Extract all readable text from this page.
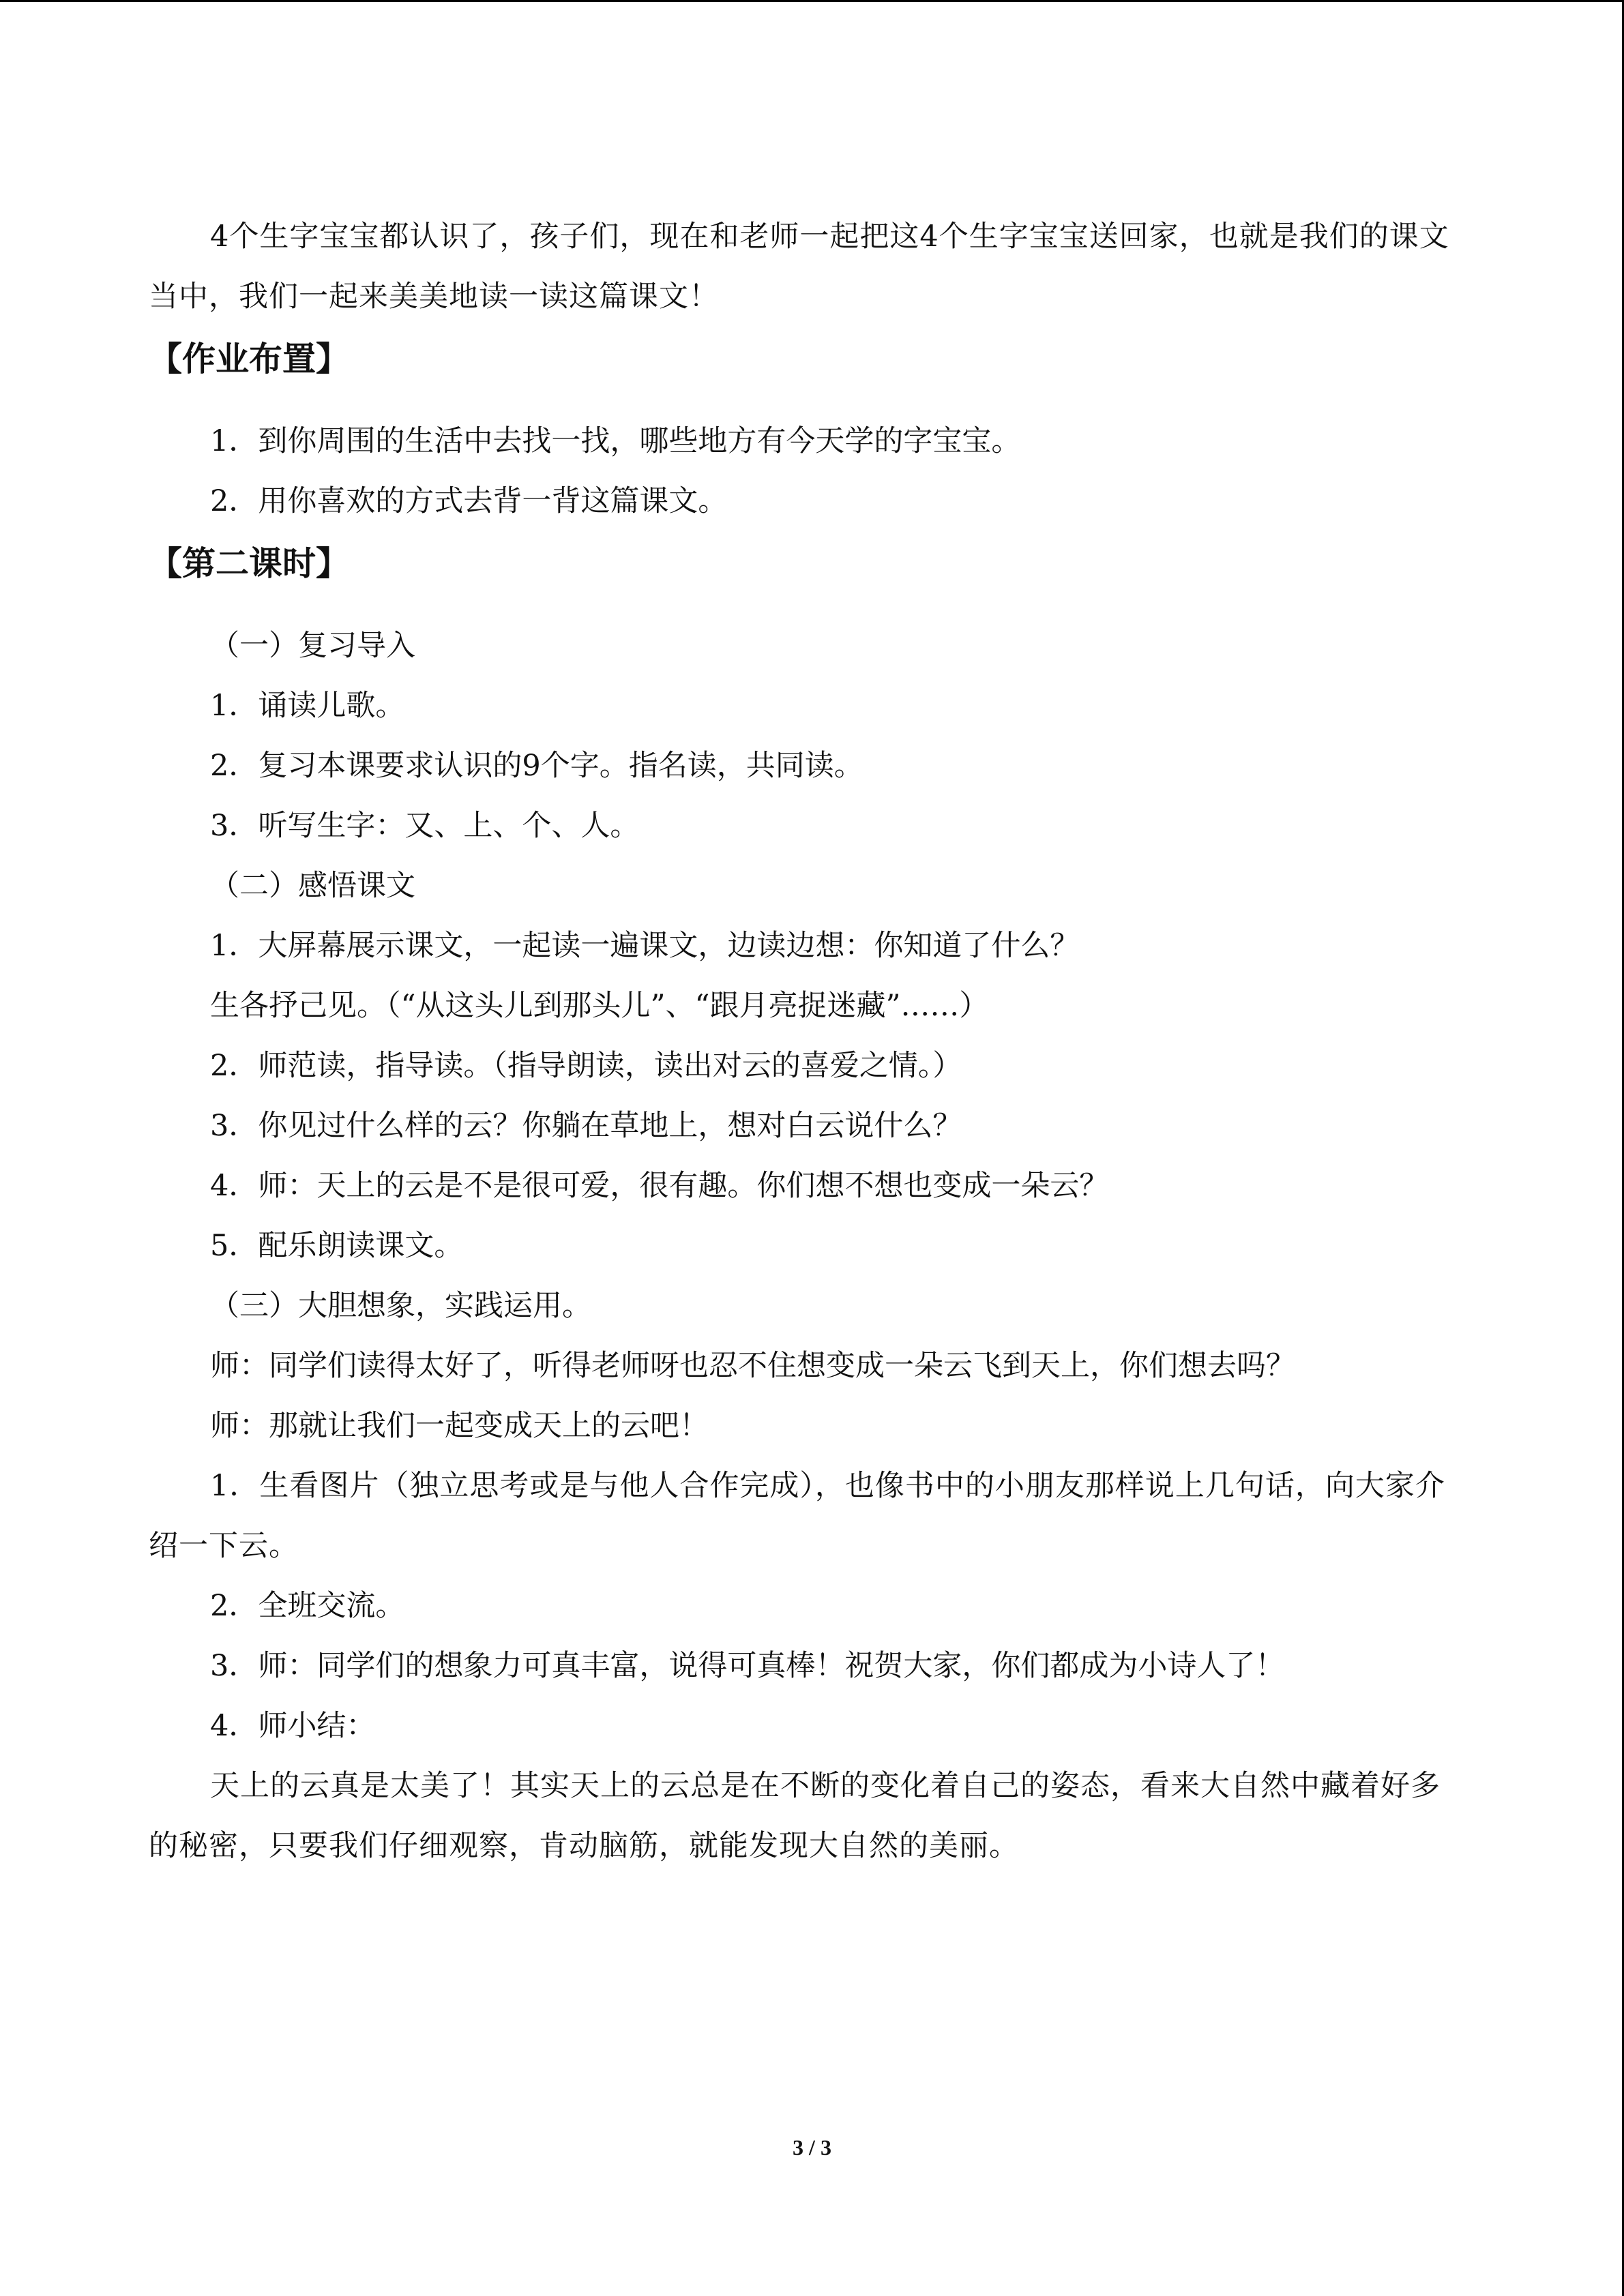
4个生字宝宝都认识了，孩子们，现在和老师一起把这4个生字宝宝送回家，也就是我们的课文当中，我们一起来美美地读一读这篇课文！

【作业布置】

1．到你周围的生活中去找一找，哪些地方有今天学的字宝宝。

2．用你喜欢的方式去背一背这篇课文。

【第二课时】

（一）复习导入

1．诵读儿歌。

2．复习本课要求认识的9个字。指名读，共同读。

3．听写生字：又、上、个、人。

（二）感悟课文

1．大屏幕展示课文，一起读一遍课文，边读边想：你知道了什么？

生各抒己见。（“从这头儿到那头儿”、“跟月亮捉迷藏”……）

2．师范读，指导读。（指导朗读，读出对云的喜爱之情。）

3．你见过什么样的云？你躺在草地上，想对白云说什么？

4．师：天上的云是不是很可爱，很有趣。你们想不想也变成一朵云？

5．配乐朗读课文。

（三）大胆想象，实践运用。

师：同学们读得太好了，听得老师呀也忍不住想变成一朵云飞到天上，你们想去吗？

师：那就让我们一起变成天上的云吧！

1．生看图片（独立思考或是与他人合作完成），也像书中的小朋友那样说上几句话，向大家介绍一下云。

2．全班交流。

3．师：同学们的想象力可真丰富，说得可真棒！祝贺大家，你们都成为小诗人了！

4．师小结：

天上的云真是太美了！其实天上的云总是在不断的变化着自己的姿态，看来大自然中藏着好多的秘密，只要我们仔细观察，肯动脑筋，就能发现大自然的美丽。

3 / 3
